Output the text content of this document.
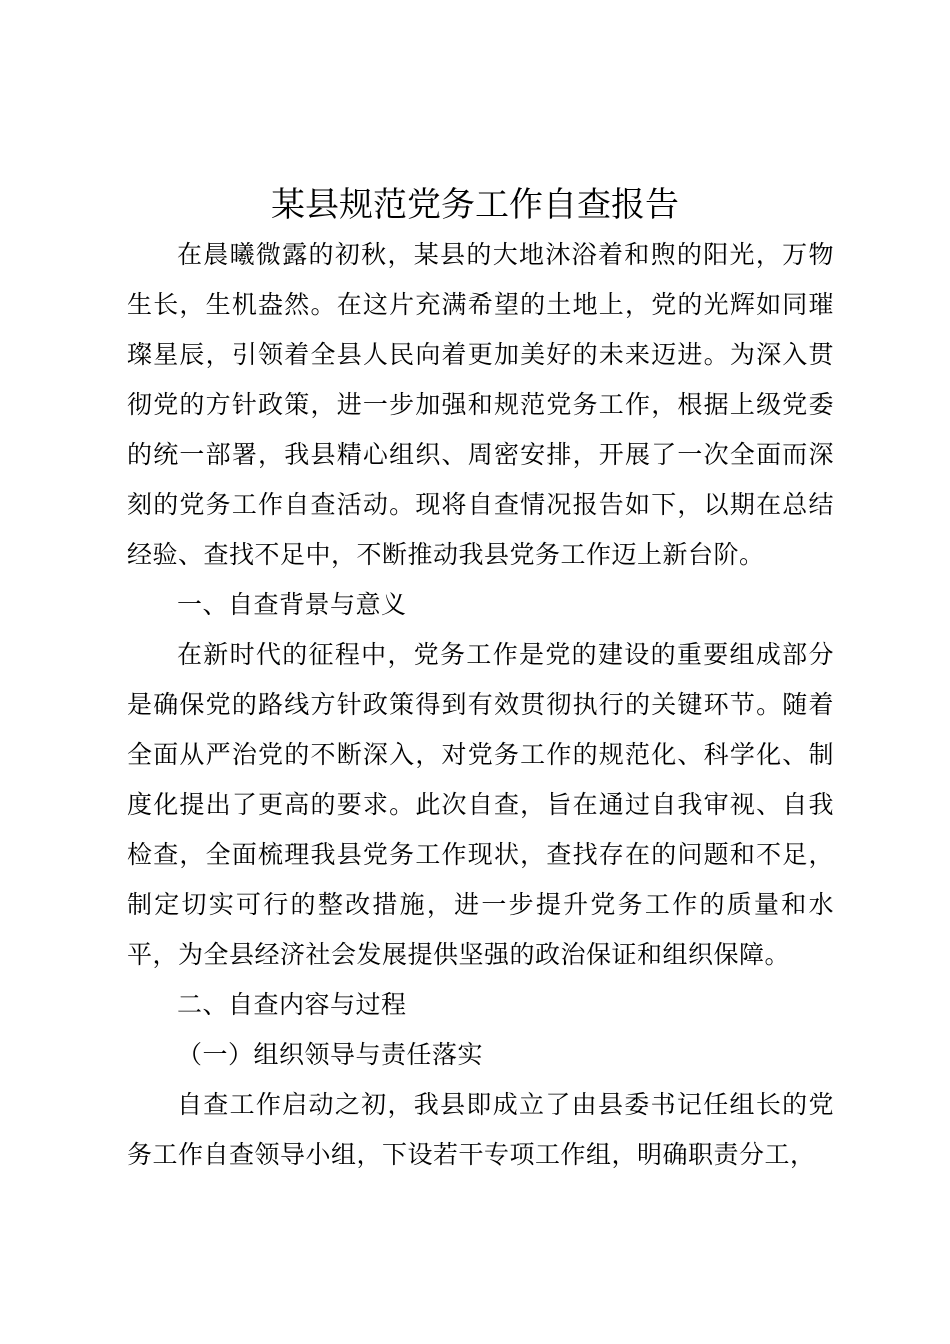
某县规范党务工作自查报告

在晨曦微露的初秋，某县的大地沐浴着和煦的阳光，万物生长，生机盎然。在这片充满希望的土地上，党的光辉如同璀璨星辰，引领着全县人民向着更加美好的未来迈进。为深入贯彻党的方针政策，进一步加强和规范党务工作，根据上级党委的统一部署，我县精心组织、周密安排，开展了一次全面而深刻的党务工作自查活动。现将自查情况报告如下，以期在总结经验、查找不足中，不断推动我县党务工作迈上新台阶。

一、自查背景与意义

在新时代的征程中，党务工作是党的建设的重要组成部分是确保党的路线方针政策得到有效贯彻执行的关键环节。随着全面从严治党的不断深入，对党务工作的规范化、科学化、制度化提出了更高的要求。此次自查，旨在通过自我审视、自我检查，全面梳理我县党务工作现状，查找存在的问题和不足，制定切实可行的整改措施，进一步提升党务工作的质量和水平，为全县经济社会发展提供坚强的政治保证和组织保障。

二、自查内容与过程

（一）组织领导与责任落实

自查工作启动之初，我县即成立了由县委书记任组长的党务工作自查领导小组，下设若干专项工作组，明确职责分工，
